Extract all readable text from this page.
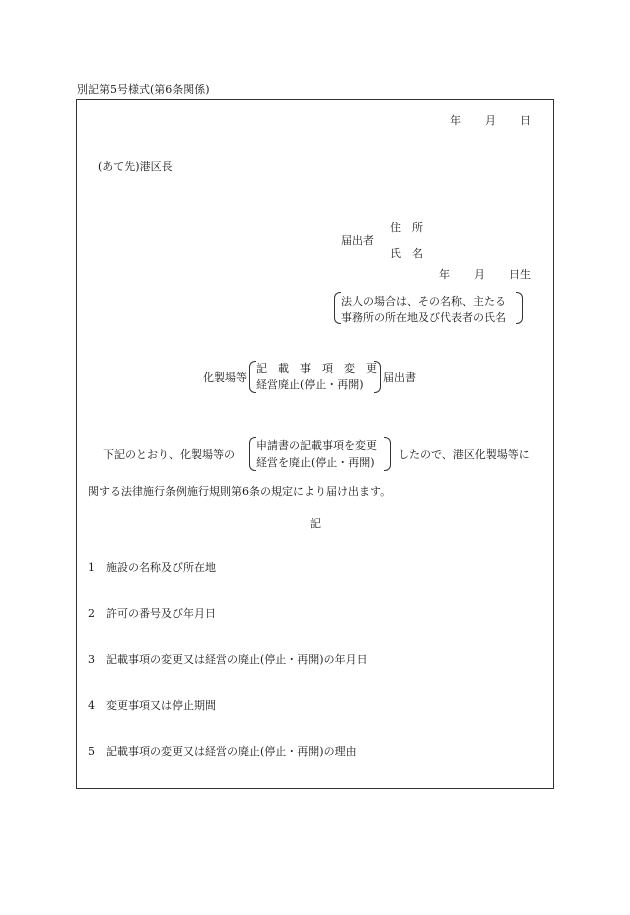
別記第5号様式(第6条関係)
年 月 日
(あて先)港区長
届出者
住　所
氏　名
年 月 日生
法人の場合は、その名称、主たる
事務所の所在地及び代表者の氏名
化製場等
記　載　事　項　変　更
経営廃止(停止・再開)
届出書
下記のとおり、化製場等の
申請書の記載事項を変更
経営を廃止(停止・再開)
したので、港区化製場等に
関する法律施行条例施行規則第6条の規定により届け出ます。
記
1 施設の名称及び所在地
2 許可の番号及び年月日
3 記載事項の変更又は経営の廃止(停止・再開)の年月日
4 変更事項又は停止期間
5 記載事項の変更又は経営の廃止(停止・再開)の理由
